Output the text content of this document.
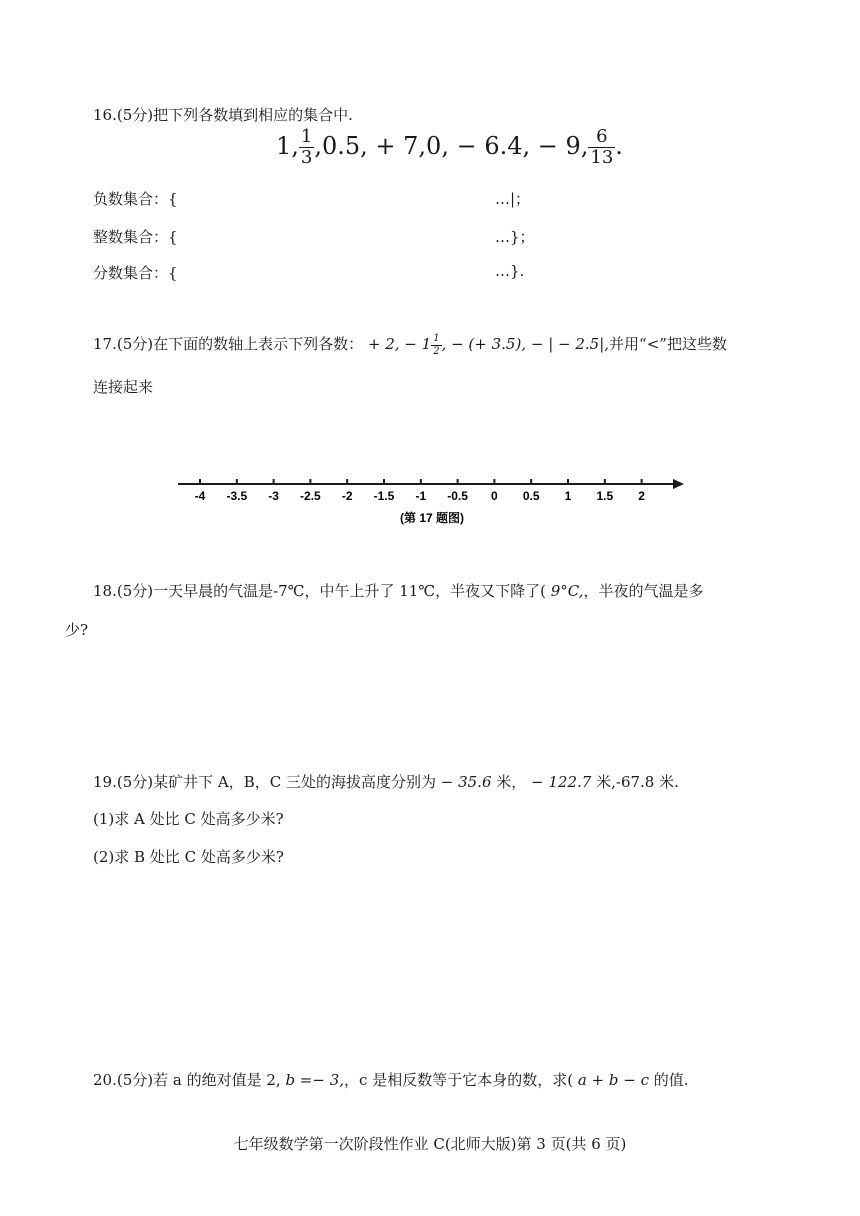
16.(5分)把下列各数填到相应的集合中.
1, $\frac{1}{3} ,0.5$, + 7,0, − 6.4, − 9, $\frac{6}{13}$ .
负数集合：{	…|；
整数集合：{	…}；
分数集合：{	…}.
17.(5分)在下面的数轴上表示下列各数： + 2, − $1 \frac{1}{2}$ , − (+ 3.5), − | − 2.5|,并用“<”把这些数
连接起来
-4 -3.5 -3 -2.5 -2 -1.5 -1 -0.5 0 0.5 1 1.5 2
(第 17 题图)
18.(5分)一天早晨的气温是-7℃，中午上升了 11℃，半夜又下降了( 9°C,，半夜的气温是多
少?
19.(5分)某矿井下 A，B，C 三处的海拔高度分别为 − 35.6 米， − 122.7 米,-67.8 米.
(1)求 A 处比 C 处高多少米?
(2)求 B 处比 C 处高多少米?
20.(5分)若 a 的绝对值是 2, b =− 3,，c 是相反数等于它本身的数，求( a + b − c 的值.
七年级数学第一次阶段性作业 C(北师大版)第 3 页(共 6 页)
